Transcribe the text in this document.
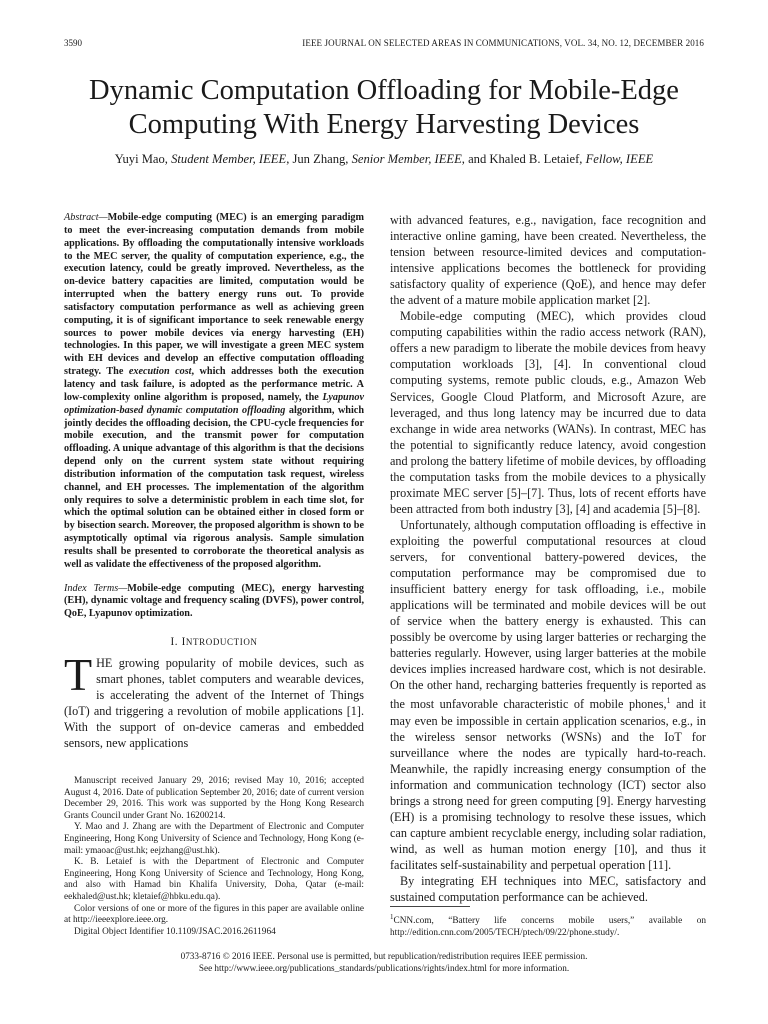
3590	IEEE JOURNAL ON SELECTED AREAS IN COMMUNICATIONS, VOL. 34, NO. 12, DECEMBER 2016
Dynamic Computation Offloading for Mobile-Edge
Computing With Energy Harvesting Devices
Yuyi Mao, Student Member, IEEE, Jun Zhang, Senior Member, IEEE, and Khaled B. Letaief, Fellow, IEEE

Abstract—Mobile-edge computing (MEC) is an emerging paradigm to meet the ever-increasing computation demands from mobile applications. By offloading the computationally intensive workloads to the MEC server, the quality of computation experience, e.g., the execution latency, could be greatly improved. Nevertheless, as the on-device battery capacities are limited, computation would be interrupted when the battery energy runs out. To provide satisfactory computation performance as well as achieving green computing, it is of significant importance to seek renewable energy sources to power mobile devices via energy harvesting (EH) technologies. In this paper, we will investigate a green MEC system with EH devices and develop an effective computation offloading strategy. The execution cost, which addresses both the execution latency and task failure, is adopted as the performance metric. A low-complexity online algorithm is proposed, namely, the Lyapunov optimization-based dynamic computation offloading algorithm, which jointly decides the offloading decision, the CPU-cycle frequencies for mobile execution, and the transmit power for computation offloading. A unique advantage of this algorithm is that the decisions depend only on the current system state without requiring distribution information of the computation task request, wireless channel, and EH processes. The implementation of the algorithm only requires to solve a deterministic problem in each time slot, for which the optimal solution can be obtained either in closed form or by bisection search. Moreover, the proposed algorithm is shown to be asymptotically optimal via rigorous analysis. Sample simulation results shall be presented to corroborate the theoretical analysis as well as validate the effectiveness of the proposed algorithm.

Index Terms—Mobile-edge computing (MEC), energy harvesting (EH), dynamic voltage and frequency scaling (DVFS), power control, QoE, Lyapunov optimization.

I. INTRODUCTION

THE growing popularity of mobile devices, such as smart phones, tablet computers and wearable devices, is accelerating the advent of the Internet of Things (IoT) and triggering a revolution of mobile applications [1]. With the support of on-device cameras and embedded sensors, new applications

Manuscript received January 29, 2016; revised May 10, 2016; accepted August 4, 2016. Date of publication September 20, 2016; date of current version December 29, 2016. This work was supported by the Hong Kong Research Grants Council under Grant No. 16200214.

Y. Mao and J. Zhang are with the Department of Electronic and Computer Engineering, Hong Kong University of Science and Technology, Hong Kong (e-mail: ymaoac@ust.hk; eejzhang@ust.hk).

K. B. Letaief is with the Department of Electronic and Computer Engineering, Hong Kong University of Science and Technology, Hong Kong, and also with Hamad bin Khalifa University, Doha, Qatar (e-mail: eekhaled@ust.hk; kletaief@hbku.edu.qa).

Color versions of one or more of the figures in this paper are available online at http://ieeexplore.ieee.org.

Digital Object Identifier 10.1109/JSAC.2016.2611964

with advanced features, e.g., navigation, face recognition and interactive online gaming, have been created. Nevertheless, the tension between resource-limited devices and computation-intensive applications becomes the bottleneck for providing satisfactory quality of experience (QoE), and hence may defer the advent of a mature mobile application market [2].

Mobile-edge computing (MEC), which provides cloud computing capabilities within the radio access network (RAN), offers a new paradigm to liberate the mobile devices from heavy computation workloads [3], [4]. In conventional cloud computing systems, remote public clouds, e.g., Amazon Web Services, Google Cloud Platform, and Microsoft Azure, are leveraged, and thus long latency may be incurred due to data exchange in wide area networks (WANs). In contrast, MEC has the potential to significantly reduce latency, avoid congestion and prolong the battery lifetime of mobile devices, by offloading the computation tasks from the mobile devices to a physically proximate MEC server [5]–[7]. Thus, lots of recent efforts have been attracted from both industry [3], [4] and academia [5]–[8].

Unfortunately, although computation offloading is effective in exploiting the powerful computational resources at cloud servers, for conventional battery-powered devices, the computation performance may be compromised due to insufficient battery energy for task offloading, i.e., mobile applications will be terminated and mobile devices will be out of service when the battery energy is exhausted. This can possibly be overcome by using larger batteries or recharging the batteries regularly. However, using larger batteries at the mobile devices implies increased hardware cost, which is not desirable. On the other hand, recharging batteries frequently is reported as the most unfavorable characteristic of mobile phones,$^1$ and it may even be impossible in certain application scenarios, e.g., in the wireless sensor networks (WSNs) and the IoT for surveillance where the nodes are typically hard-to-reach. Meanwhile, the rapidly increasing energy consumption of the information and communication technology (ICT) sector also brings a strong need for green computing [9]. Energy harvesting (EH) is a promising technology to resolve these issues, which can capture ambient recyclable energy, including solar radiation, wind, as well as human motion energy [10], and thus it facilitates self-sustainability and perpetual operation [11].

By integrating EH techniques into MEC, satisfactory and sustained computation performance can be achieved.

$^1$CNN.com, “Battery life concerns mobile users,” available on http://edition.cnn.com/2005/TECH/ptech/09/22/phone.study/.
0733-8716 © 2016 IEEE. Personal use is permitted, but republication/redistribution requires IEEE permission.
See http://www.ieee.org/publications_standards/publications/rights/index.html for more information.
